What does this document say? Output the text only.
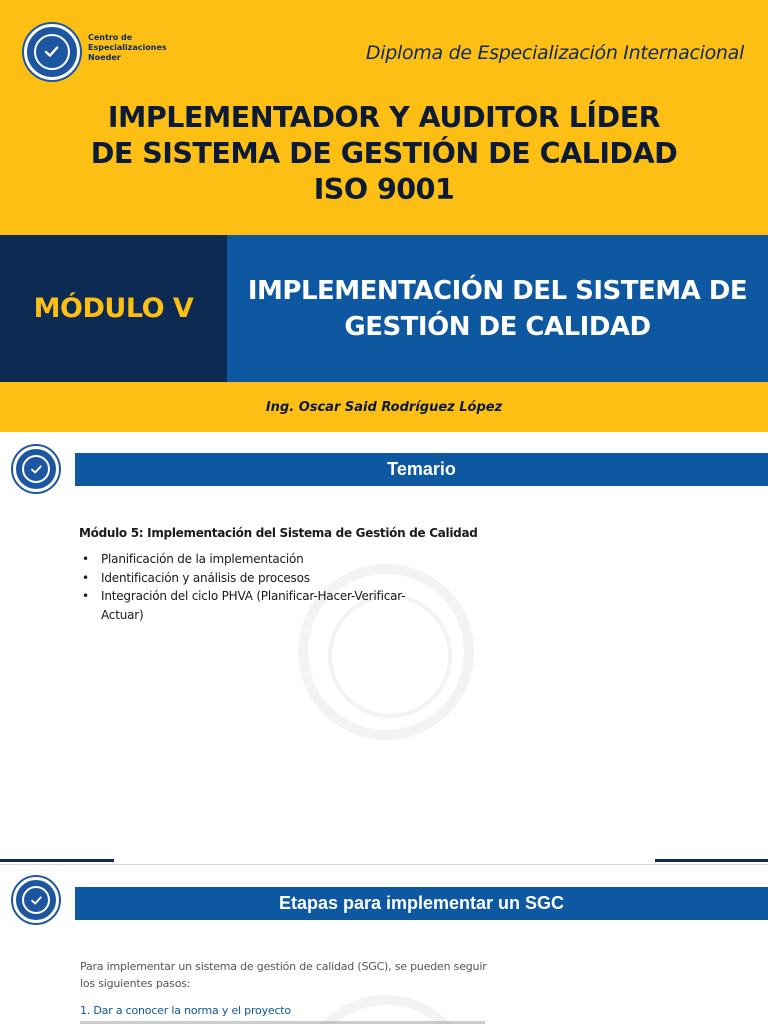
Centro de
Especializaciones
Noeder	Diploma de Especialización Internacional
IMPLEMENTADOR Y AUDITOR LÍDER
DE SISTEMA DE GESTIÓN DE CALIDAD
ISO 9001
MÓDULO V
IMPLEMENTACIÓN DEL SISTEMA DE
GESTIÓN DE CALIDAD
Ing. Oscar Said Rodríguez López
Temario
Módulo 5: Implementación del Sistema de Gestión de Calidad
• Planificación de la implementación
• Identificación y análisis de procesos
• Integración del ciclo PHVA (Planificar-Hacer-Verificar-Actuar)
Etapas para implementar un SGC
Para implementar un sistema de gestión de calidad (SGC), se pueden seguir los siguientes pasos:
1. Dar a conocer la norma y el proyecto
